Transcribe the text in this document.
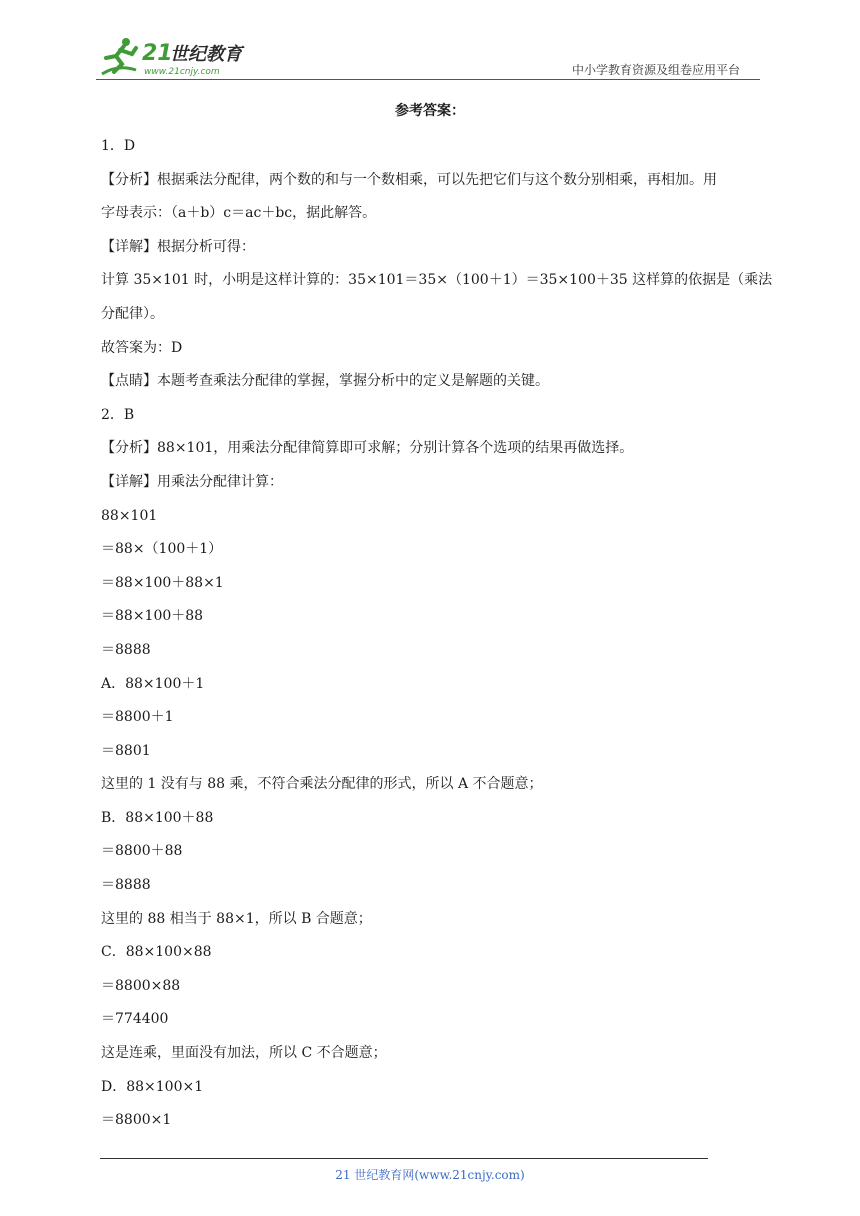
21
世纪教育
www.21cnjy.com	中小学教育资源及组卷应用平台
参考答案：
1．D
【分析】根据乘法分配律，两个数的和与一个数相乘，可以先把它们与这个数分别相乘，再相加。用
字母表示：（a＋b）c＝ac＋bc，据此解答。
【详解】根据分析可得：
计算 35×101 时，小明是这样计算的：35×101＝35×（100＋1）＝35×100＋35 这样算的依据是（乘法
分配律）。
故答案为：D
【点睛】本题考查乘法分配律的掌握，掌握分析中的定义是解题的关键。
2．B
【分析】88×101，用乘法分配律简算即可求解；分别计算各个选项的结果再做选择。
【详解】用乘法分配律计算：
88×101
＝88×（100＋1）
＝88×100＋88×1
＝88×100＋88
＝8888
A．88×100＋1
＝8800＋1
＝8801
这里的 1 没有与 88 乘，不符合乘法分配律的形式，所以 A 不合题意；
B．88×100＋88
＝8800＋88
＝8888
这里的 88 相当于 88×1，所以 B 合题意；
C．88×100×88
＝8800×88
＝774400
这是连乘，里面没有加法，所以 C 不合题意；
D．88×100×1
＝8800×1
21 世纪教育网(www.21cnjy.com)
